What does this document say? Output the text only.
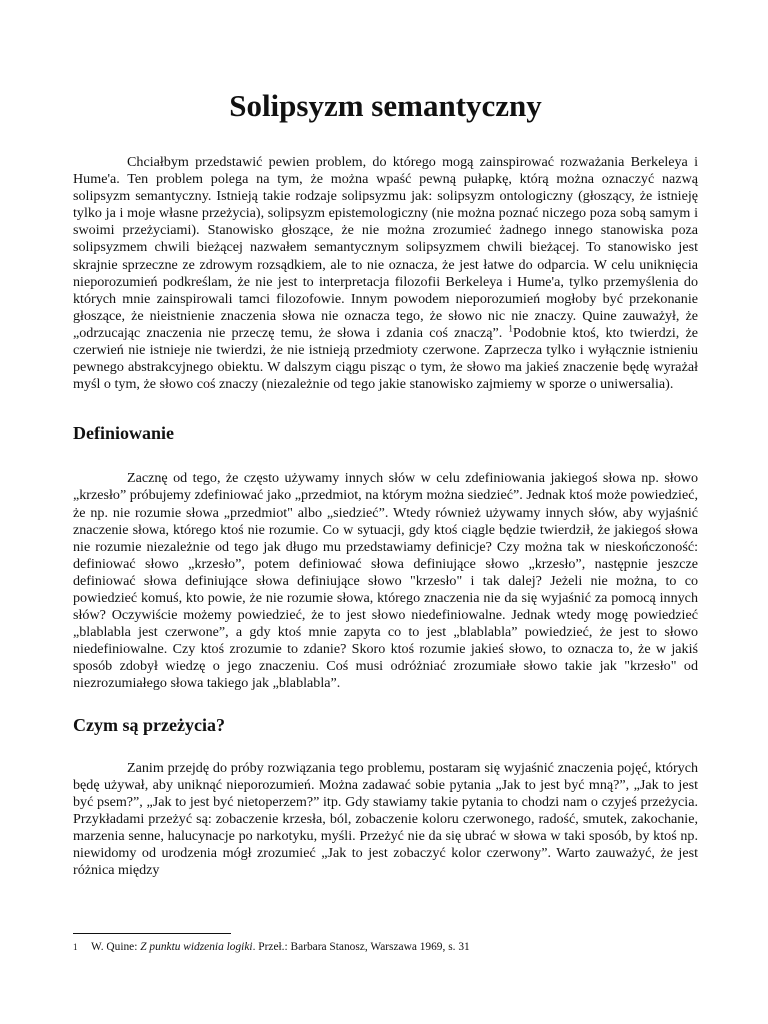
Solipsyzm semantyczny

Chciałbym przedstawić pewien problem, do którego mogą zainspirować rozważania Berkeleya i Hume'a. Ten problem polega na tym, że można wpaść pewną pułapkę, którą można oznaczyć nazwą solipsyzm semantyczny. Istnieją takie rodzaje solipsyzmu jak: solipsyzm ontologiczny (głoszący, że istnieję tylko ja i moje własne przeżycia), solipsyzm epistemologiczny (nie można poznać niczego poza sobą samym i swoimi przeżyciami). Stanowisko głoszące, że nie można zrozumieć żadnego innego stanowiska poza solipsyzmem chwili bieżącej nazwałem semantycznym solipsyzmem chwili bieżącej. To stanowisko jest skrajnie sprzeczne ze zdrowym rozsądkiem, ale to nie oznacza, że jest łatwe do odparcia. W celu uniknięcia nieporozumień podkreślam, że nie jest to interpretacja filozofii Berkeleya i Hume'a, tylko przemyślenia do których mnie zainspirowali tamci filozofowie. Innym powodem nieporozumień mogłoby być przekonanie głoszące, że nieistnienie znaczenia słowa nie oznacza tego, że słowo nic nie znaczy. Quine zauważył, że „odrzucając znaczenia nie przeczę temu, że słowa i zdania coś znaczą”. $^1$Podobnie ktoś, kto twierdzi, że czerwień nie istnieje nie twierdzi, że nie istnieją przedmioty czerwone. Zaprzecza tylko i wyłącznie istnieniu pewnego abstrakcyjnego obiektu. W dalszym ciągu pisząc o tym, że słowo ma jakieś znaczenie będę wyrażał myśl o tym, że słowo coś znaczy (niezależnie od tego jakie stanowisko zajmiemy w sporze o uniwersalia).

Definiowanie

Zacznę od tego, że często używamy innych słów w celu zdefiniowania jakiegoś słowa np. słowo „krzesło” próbujemy zdefiniować jako „przedmiot, na którym można siedzieć”. Jednak ktoś może powiedzieć, że np. nie rozumie słowa „przedmiot" albo „siedzieć”. Wtedy również używamy innych słów, aby wyjaśnić znaczenie słowa, którego ktoś nie rozumie. Co w sytuacji, gdy ktoś ciągle będzie twierdził, że jakiegoś słowa nie rozumie niezależnie od tego jak długo mu przedstawiamy definicje? Czy można tak w nieskończoność: definiować słowo „krzesło”, potem definiować słowa definiujące słowo „krzesło”, następnie jeszcze definiować słowa definiujące słowa definiujące słowo "krzesło" i tak dalej? Jeżeli nie można, to co powiedzieć komuś, kto powie, że nie rozumie słowa, którego znaczenia nie da się wyjaśnić za pomocą innych słów? Oczywiście możemy powiedzieć, że to jest słowo niedefiniowalne. Jednak wtedy mogę powiedzieć „blablabla jest czerwone”, a gdy ktoś mnie zapyta co to jest „blablabla” powiedzieć, że jest to słowo niedefiniowalne. Czy ktoś zrozumie to zdanie? Skoro ktoś rozumie jakieś słowo, to oznacza to, że w jakiś sposób zdobył wiedzę o jego znaczeniu. Coś musi odróżniać zrozumiałe słowo takie jak "krzesło" od niezrozumiałego słowa takiego jak „blablabla”.

Czym są przeżycia?

Zanim przejdę do próby rozwiązania tego problemu, postaram się wyjaśnić znaczenia pojęć, których będę używał, aby uniknąć nieporozumień. Można zadawać sobie pytania „Jak to jest być mną?”, „Jak to jest być psem?”, „Jak to jest być nietoperzem?” itp. Gdy stawiamy takie pytania to chodzi nam o czyjeś przeżycia. Przykładami przeżyć są: zobaczenie krzesła, ból, zobaczenie koloru czerwonego, radość, smutek, zakochanie, marzenia senne, halucynacje po narkotyku, myśli. Przeżyć nie da się ubrać w słowa w taki sposób, by ktoś np. niewidomy od urodzenia mógł zrozumieć „Jak to jest zobaczyć kolor czerwony”. Warto zauważyć, że jest różnica między

1 W. Quine: Z punktu widzenia logiki. Przeł.: Barbara Stanosz, Warszawa 1969, s. 31
